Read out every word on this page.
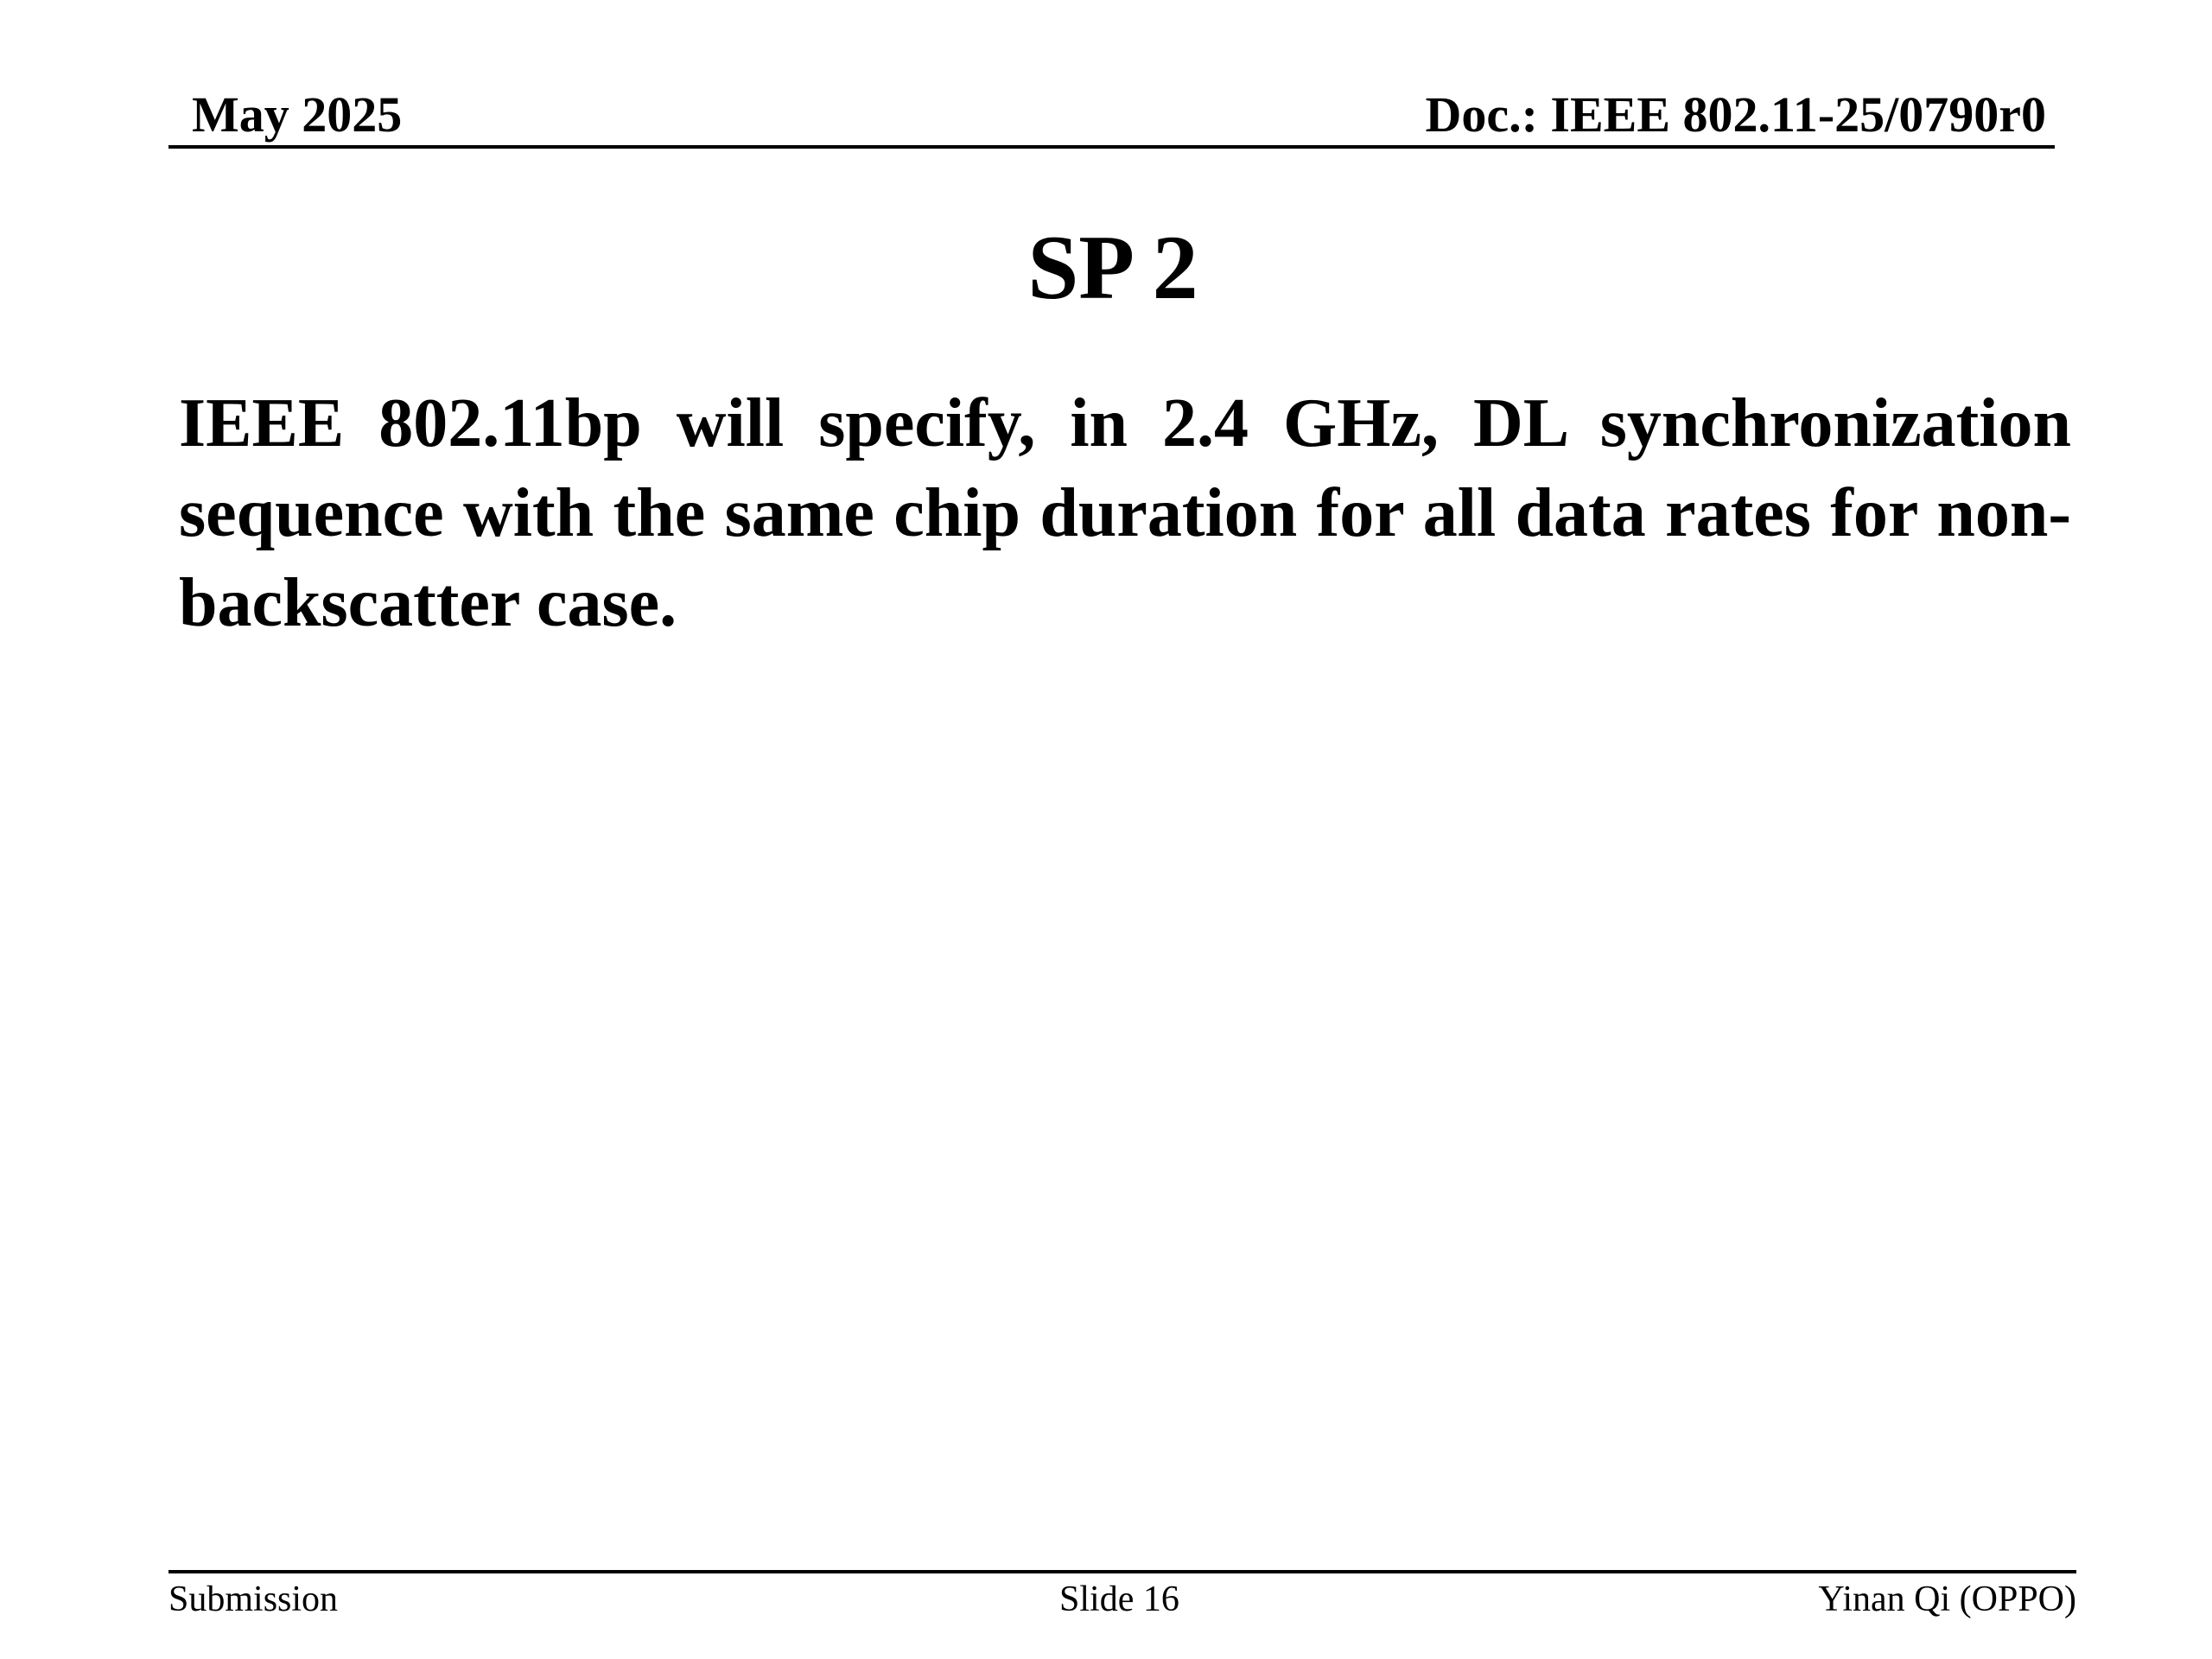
May 2025	Doc.: IEEE 802.11-25/0790r0
SP 2
IEEE 802.11bp will specify, in 2.4 GHz, DL synchronization sequence with the same chip duration for all data rates for non-backscatter case.
Submission	Slide 16	Yinan Qi (OPPO)
